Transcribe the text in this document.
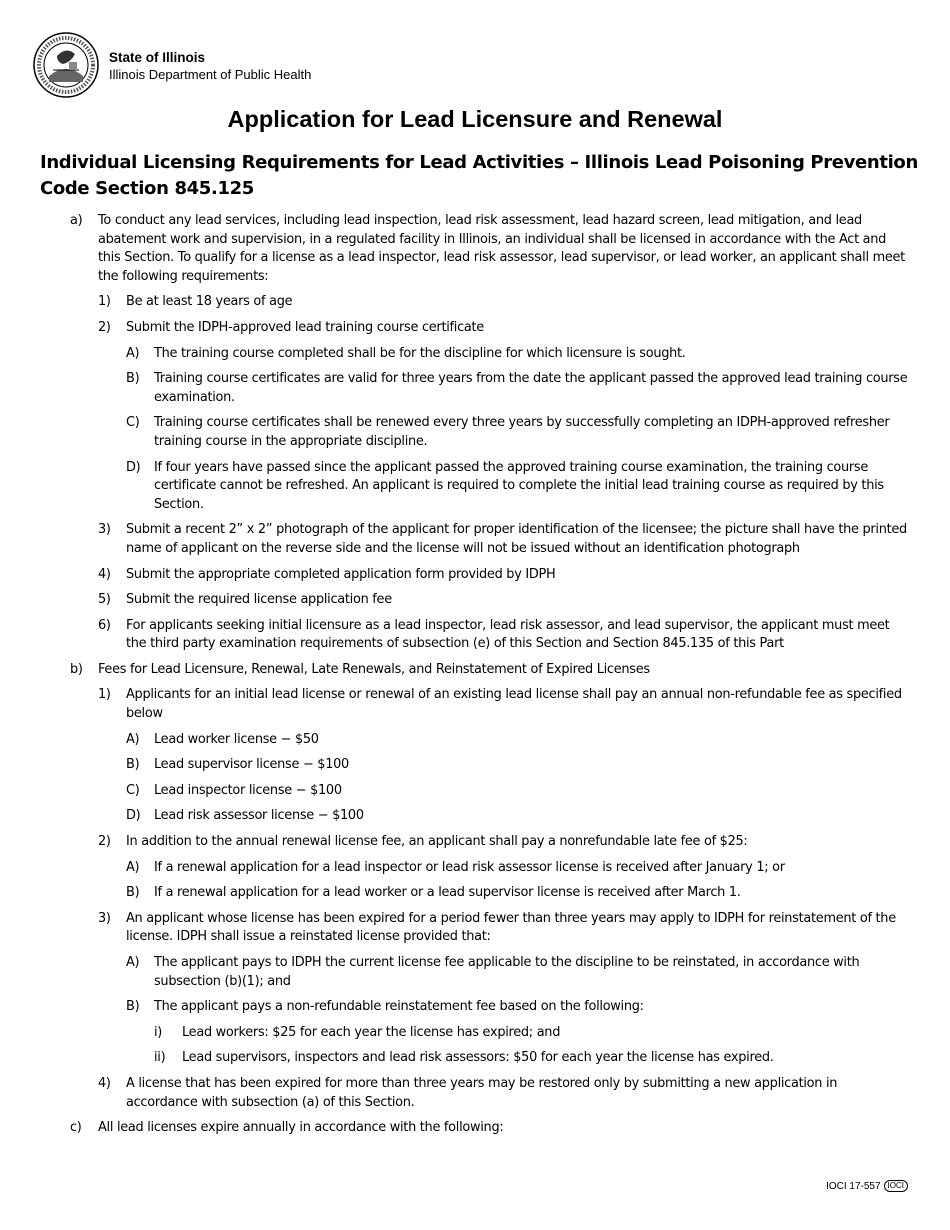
State of Illinois
Illinois Department of Public Health
Application for Lead Licensure and Renewal

Individual Licensing Requirements for Lead Activities – Illinois Lead Poisoning Prevention Code Section 845.125

a)	To conduct any lead services, including lead inspection, lead risk assessment, lead hazard screen, lead mitigation, and lead abatement work and supervision, in a regulated facility in Illinois, an individual shall be licensed in accordance with the Act and this Section. To qualify for a license as a lead inspector, lead risk assessor, lead supervisor, or lead worker, an applicant shall meet the following requirements:
1)	Be at least 18 years of age
2)	Submit the IDPH-approved lead training course certificate
A)	The training course completed shall be for the discipline for which licensure is sought.
B)	Training course certificates are valid for three years from the date the applicant passed the approved lead training course examination.
C)	Training course certificates shall be renewed every three years by successfully completing an IDPH-approved refresher training course in the appropriate discipline.
D)	If four years have passed since the applicant passed the approved training course examination, the training course certificate cannot be refreshed. An applicant is required to complete the initial lead training course as required by this Section.
3)	Submit a recent 2” x 2” photograph of the applicant for proper identification of the licensee; the picture shall have the printed name of applicant on the reverse side and the license will not be issued without an identification photograph
4)	Submit the appropriate completed application form provided by IDPH
5)	Submit the required license application fee
6)	For applicants seeking initial licensure as a lead inspector, lead risk assessor, and lead supervisor, the applicant must meet the third party examination requirements of subsection (e) of this Section and Section 845.135 of this Part
b)	Fees for Lead Licensure, Renewal, Late Renewals, and Reinstatement of Expired Licenses
1)	Applicants for an initial lead license or renewal of an existing lead license shall pay an annual non-refundable fee as specified below
A)	Lead worker license − $50
B)	Lead supervisor license − $100
C)	Lead inspector license − $100
D)	Lead risk assessor license − $100
2)	In addition to the annual renewal license fee, an applicant shall pay a nonrefundable late fee of $25:
A)	If a renewal application for a lead inspector or lead risk assessor license is received after January 1; or
B)	If a renewal application for a lead worker or a lead supervisor license is received after March 1.
3)	An applicant whose license has been expired for a period fewer than three years may apply to IDPH for reinstatement of the license. IDPH shall issue a reinstated license provided that:
A)	The applicant pays to IDPH the current license fee applicable to the discipline to be reinstated, in accordance with subsection (b)(1); and
B)	The applicant pays a non-refundable reinstatement fee based on the following:
i)	Lead workers: $25 for each year the license has expired; and
ii)	Lead supervisors, inspectors and lead risk assessors: $50 for each year the license has expired.
4)	A license that has been expired for more than three years may be restored only by submitting a new application in accordance with subsection (a) of this Section.
c)	All lead licenses expire annually in accordance with the following:
IOCI 17-557 IOCI
